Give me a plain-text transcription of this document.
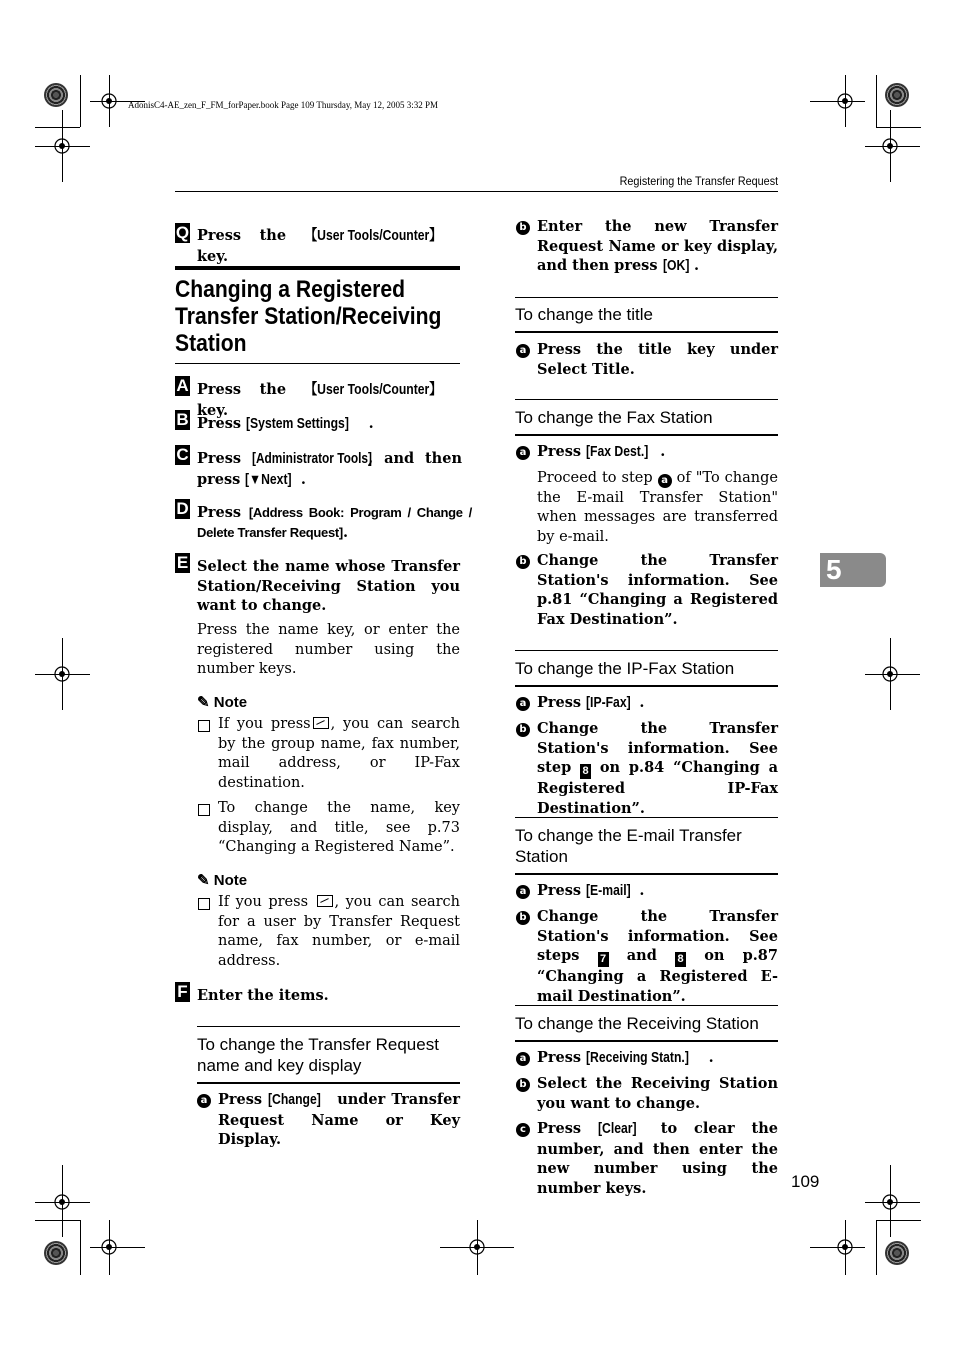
AdonisC4-AE_zen_F_FM_forPaper.book Page 109 Thursday, May 12, 2005 3:32 PM
Registering the Transfer Request
5
Q Press the 【User Tools/Counter】 key.
Changing a Registered Transfer Station/Receiving Station
A Press the 【User Tools/Counter】 key.
B Press [System Settings] .
C Press [Administrator Tools], and then press [▼Next] .
D Press [Address Book: Program / Change / Delete Transfer Request].
E Select the name whose Transfer Station/Receiving Station you want to change.
Press the name key, or enter the registered number using the number keys.
✎ Note
If you press , you can search by the group name, fax number, mail address, or IP-Fax destination.
To change the name, key display, and title, see p.73 “Changing a Registered Name”.
✎ Note
If you press , you can search for a user by Transfer Request name, fax number, or e-mail address.
F Enter the items.
To change the Transfer Request name and key display
a Press [Change] under Transfer Request Name or Key Display.
b Enter the new Transfer Request Name or key display, and then press [OK] .
To change the title
a Press the title key under Select Title.
To change the Fax Station
a Press [Fax Dest.] .
Proceed to step a of "To change the E-mail Transfer Station" when messages are transferred by e-mail.
b Change the Transfer Station's information. See p.81 “Changing a Registered Fax Destination”.
To change the IP-Fax Station
a Press [IP-Fax] .
b Change the Transfer Station's information. See step 8 on p.84 “Changing a Registered IP-Fax Destination”.
To change the E-mail Transfer Station
a Press [E-mail] .
b Change the Transfer Station's information. See steps 7 and 8 on p.87 “Changing a Registered E-mail Destination”.
To change the Receiving Station
a Press [Receiving Statn.] .
b Select the Receiving Station you want to change.
c Press [Clear] to clear the number, and then enter the new number using the number keys.	109
